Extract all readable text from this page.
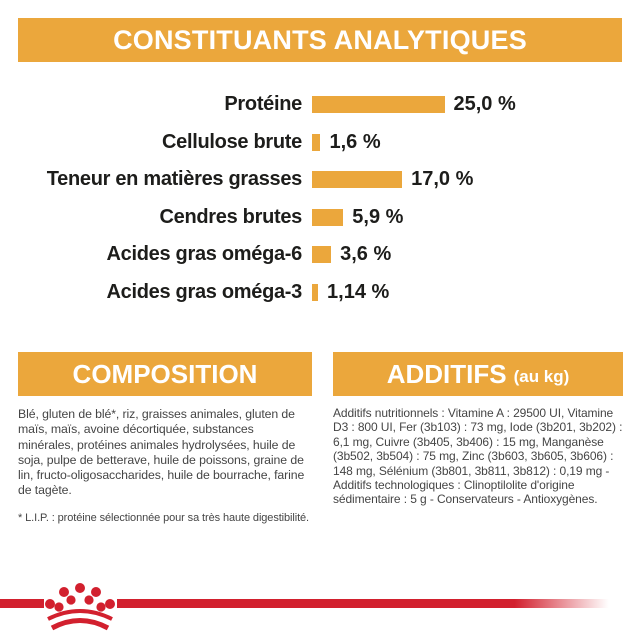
CONSTITUANTS ANALYTIQUES
Protéine	25,0 %
Cellulose brute 1,6 %
Teneur en matières grasses	17,0 %
Cendres brutes	5,9 %
Acides gras oméga-6 3,6 %
Acides gras oméga-3 1,14 %
COMPOSITION

Blé, gluten de blé*, riz, graisses animales, gluten de maïs, maïs, avoine décortiquée, substances minérales, protéines animales hydrolysées, huile de soja, pulpe de betterave, huile de poissons, graine de lin, fructo-oligosaccharides, huile de bourrache, farine de tagète.

* L.I.P. : protéine sélectionnée pour sa très haute digestibilité.

ADDITIFS (au kg)

Additifs nutritionnels : Vitamine A : 29500 UI, Vitamine D3 : 800 UI, Fer (3b103) : 73 mg, Iode (3b201, 3b202) : 6,1 mg, Cuivre (3b405, 3b406) : 15 mg, Manganèse (3b502, 3b504) : 75 mg, Zinc (3b603, 3b605, 3b606) : 148 mg, Sélénium (3b801, 3b811, 3b812) : 0,19 mg - Additifs technologiques : Clinoptilolite d'origine sédimentaire : 5 g - Conservateurs - Antioxygènes.
